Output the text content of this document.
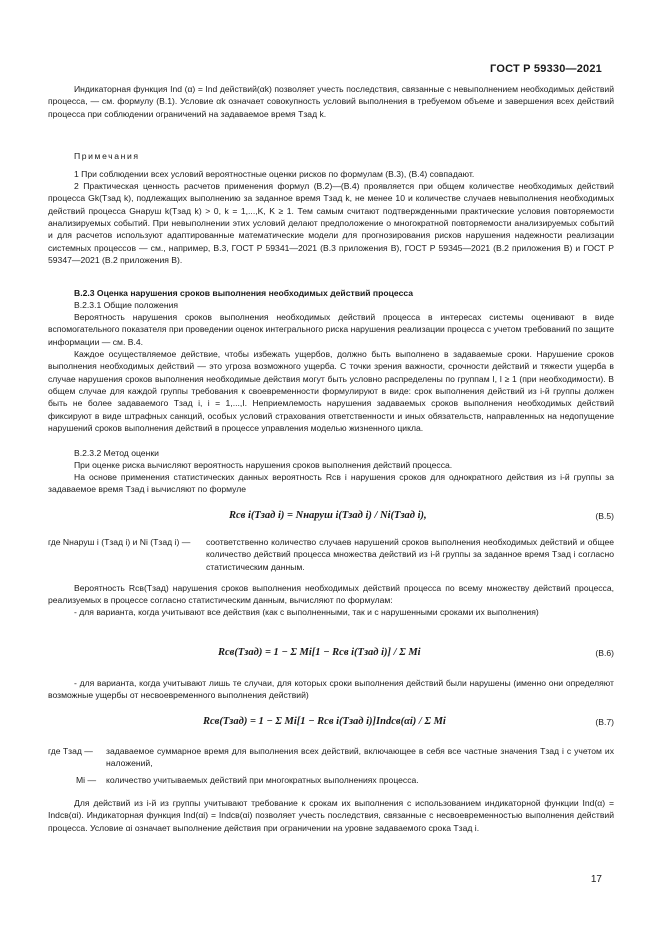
ГОСТ Р 59330—2021

Индикаторная функция Ind (α) = Ind действий(αk) позволяет учесть последствия, связанные с невыполнением необходимых действий процесса, — см. формулу (В.1). Условие αk означает совокупность условий выполнения в требуемом объеме и завершения всех действий процесса при соблюдении ограничений на задаваемое время Tзад k.

Примечания

1 При соблюдении всех условий вероятностные оценки рисков по формулам (В.3), (В.4) совпадают.

2 Практическая ценность расчетов применения формул (В.2)—(В.4) проявляется при общем количестве необходимых действий процесса Gk(Tзад k), подлежащих выполнению за заданное время Tзад k, не менее 10 и количестве случаев невыполнения необходимых действий процесса Gнаруш k(Tзад k) > 0, k = 1,...,K, K ≥ 1. Тем самым считают подтвержденными практические условия повторяемости анализируемых событий. При невыполнении этих условий делают предположение о многократной повторяемости анализируемых событий и для расчетов используют адаптированные математические модели для прогнозирования рисков нарушения надежности реализации системных процессов — см., например, В.3, ГОСТ Р 59341—2021 (В.3 приложения В), ГОСТ Р 59345—2021 (В.2 приложения В) и ГОСТ Р 59347—2021 (В.2 приложения В).

В.2.3 Оценка нарушения сроков выполнения необходимых действий процесса

В.2.3.1 Общие положения

Вероятность нарушения сроков выполнения необходимых действий процесса в интересах системы оценивают в виде вспомогательного показателя при проведении оценок интегрального риска нарушения реализации процесса с учетом требований по защите информации — см. В.4.

Каждое осуществляемое действие, чтобы избежать ущербов, должно быть выполнено в задаваемые сроки. Нарушение сроков выполнения необходимых действий — это угроза возможного ущерба. С точки зрения важности, срочности действий и тяжести ущерба в случае нарушения сроков выполнения необходимые действия могут быть условно распределены по группам I, I ≥ 1 (при необходимости). В общем случае для каждой группы требования к своевременности формулируют в виде: срок выполнения действий из i-й группы должен быть не более задаваемого Tзад i, i = 1,...,I. Неприемлемость нарушения задаваемых сроков выполнения необходимых действий фиксируют в виде штрафных санкций, особых условий страхования ответственности и иных обязательств, направленных на недопущение нарушений сроков выполнения действий в процессе управления моделью жизненного цикла.

В.2.3.2 Метод оценки

При оценке риска вычисляют вероятность нарушения сроков выполнения действий процесса.

На основе применения статистических данных вероятность Rсв i нарушения сроков для однократного действия из i-й группы за задаваемое время Tзад i вычисляют по формуле

Rсв i(Tзад i) = Nнаруш i(Tзад i) / Ni(Tзад i),	(В.5)
где Nнаруш i (Tзад i) и Ni (Tзад i) — соответственно количество случаев нарушений сроков выполнения необходимых действий и общее количество действий процесса множества действий из i-й группы за заданное время Tзад i согласно статистическим данным.

Вероятность Rсв(Tзад) нарушения сроков выполнения необходимых действий процесса по всему множеству действий процесса, реализуемых в процессе согласно статистическим данным, вычисляют по формулам:

- для варианта, когда учитывают все действия (как с выполненными, так и с нарушенными сроками их выполнения)

Rсв(Tзад) = 1 − Σ Mi[1 − Rсв i(Tзад i)] / Σ Mi	(В.6)

- для варианта, когда учитывают лишь те случаи, для которых сроки выполнения действий были нарушены (именно они определяют возможные ущербы от несвоевременного выполнения действий)

Rсв(Tзад) = 1 − Σ Mi[1 − Rсв i(Tзад i)]Indсв(αi) / Σ Mi	(В.7)
где Tзад — задаваемое суммарное время для выполнения всех действий, включающее в себя все частные значения Tзад i с учетом их наложений,
Mi — количество учитываемых действий при многократных выполнениях процесса.

Для действий из i-й из группы учитывают требование к срокам их выполнения с использованием индикаторной функции Ind(α) = Indсв(αi). Индикаторная функция Ind(αi) = Indсв(αi) позволяет учесть последствия, связанные с несвоевременностью выполнения действий процесса. Условие αi означает выполнение действия при ограничении на уровне задаваемого срока Tзад i.

17
